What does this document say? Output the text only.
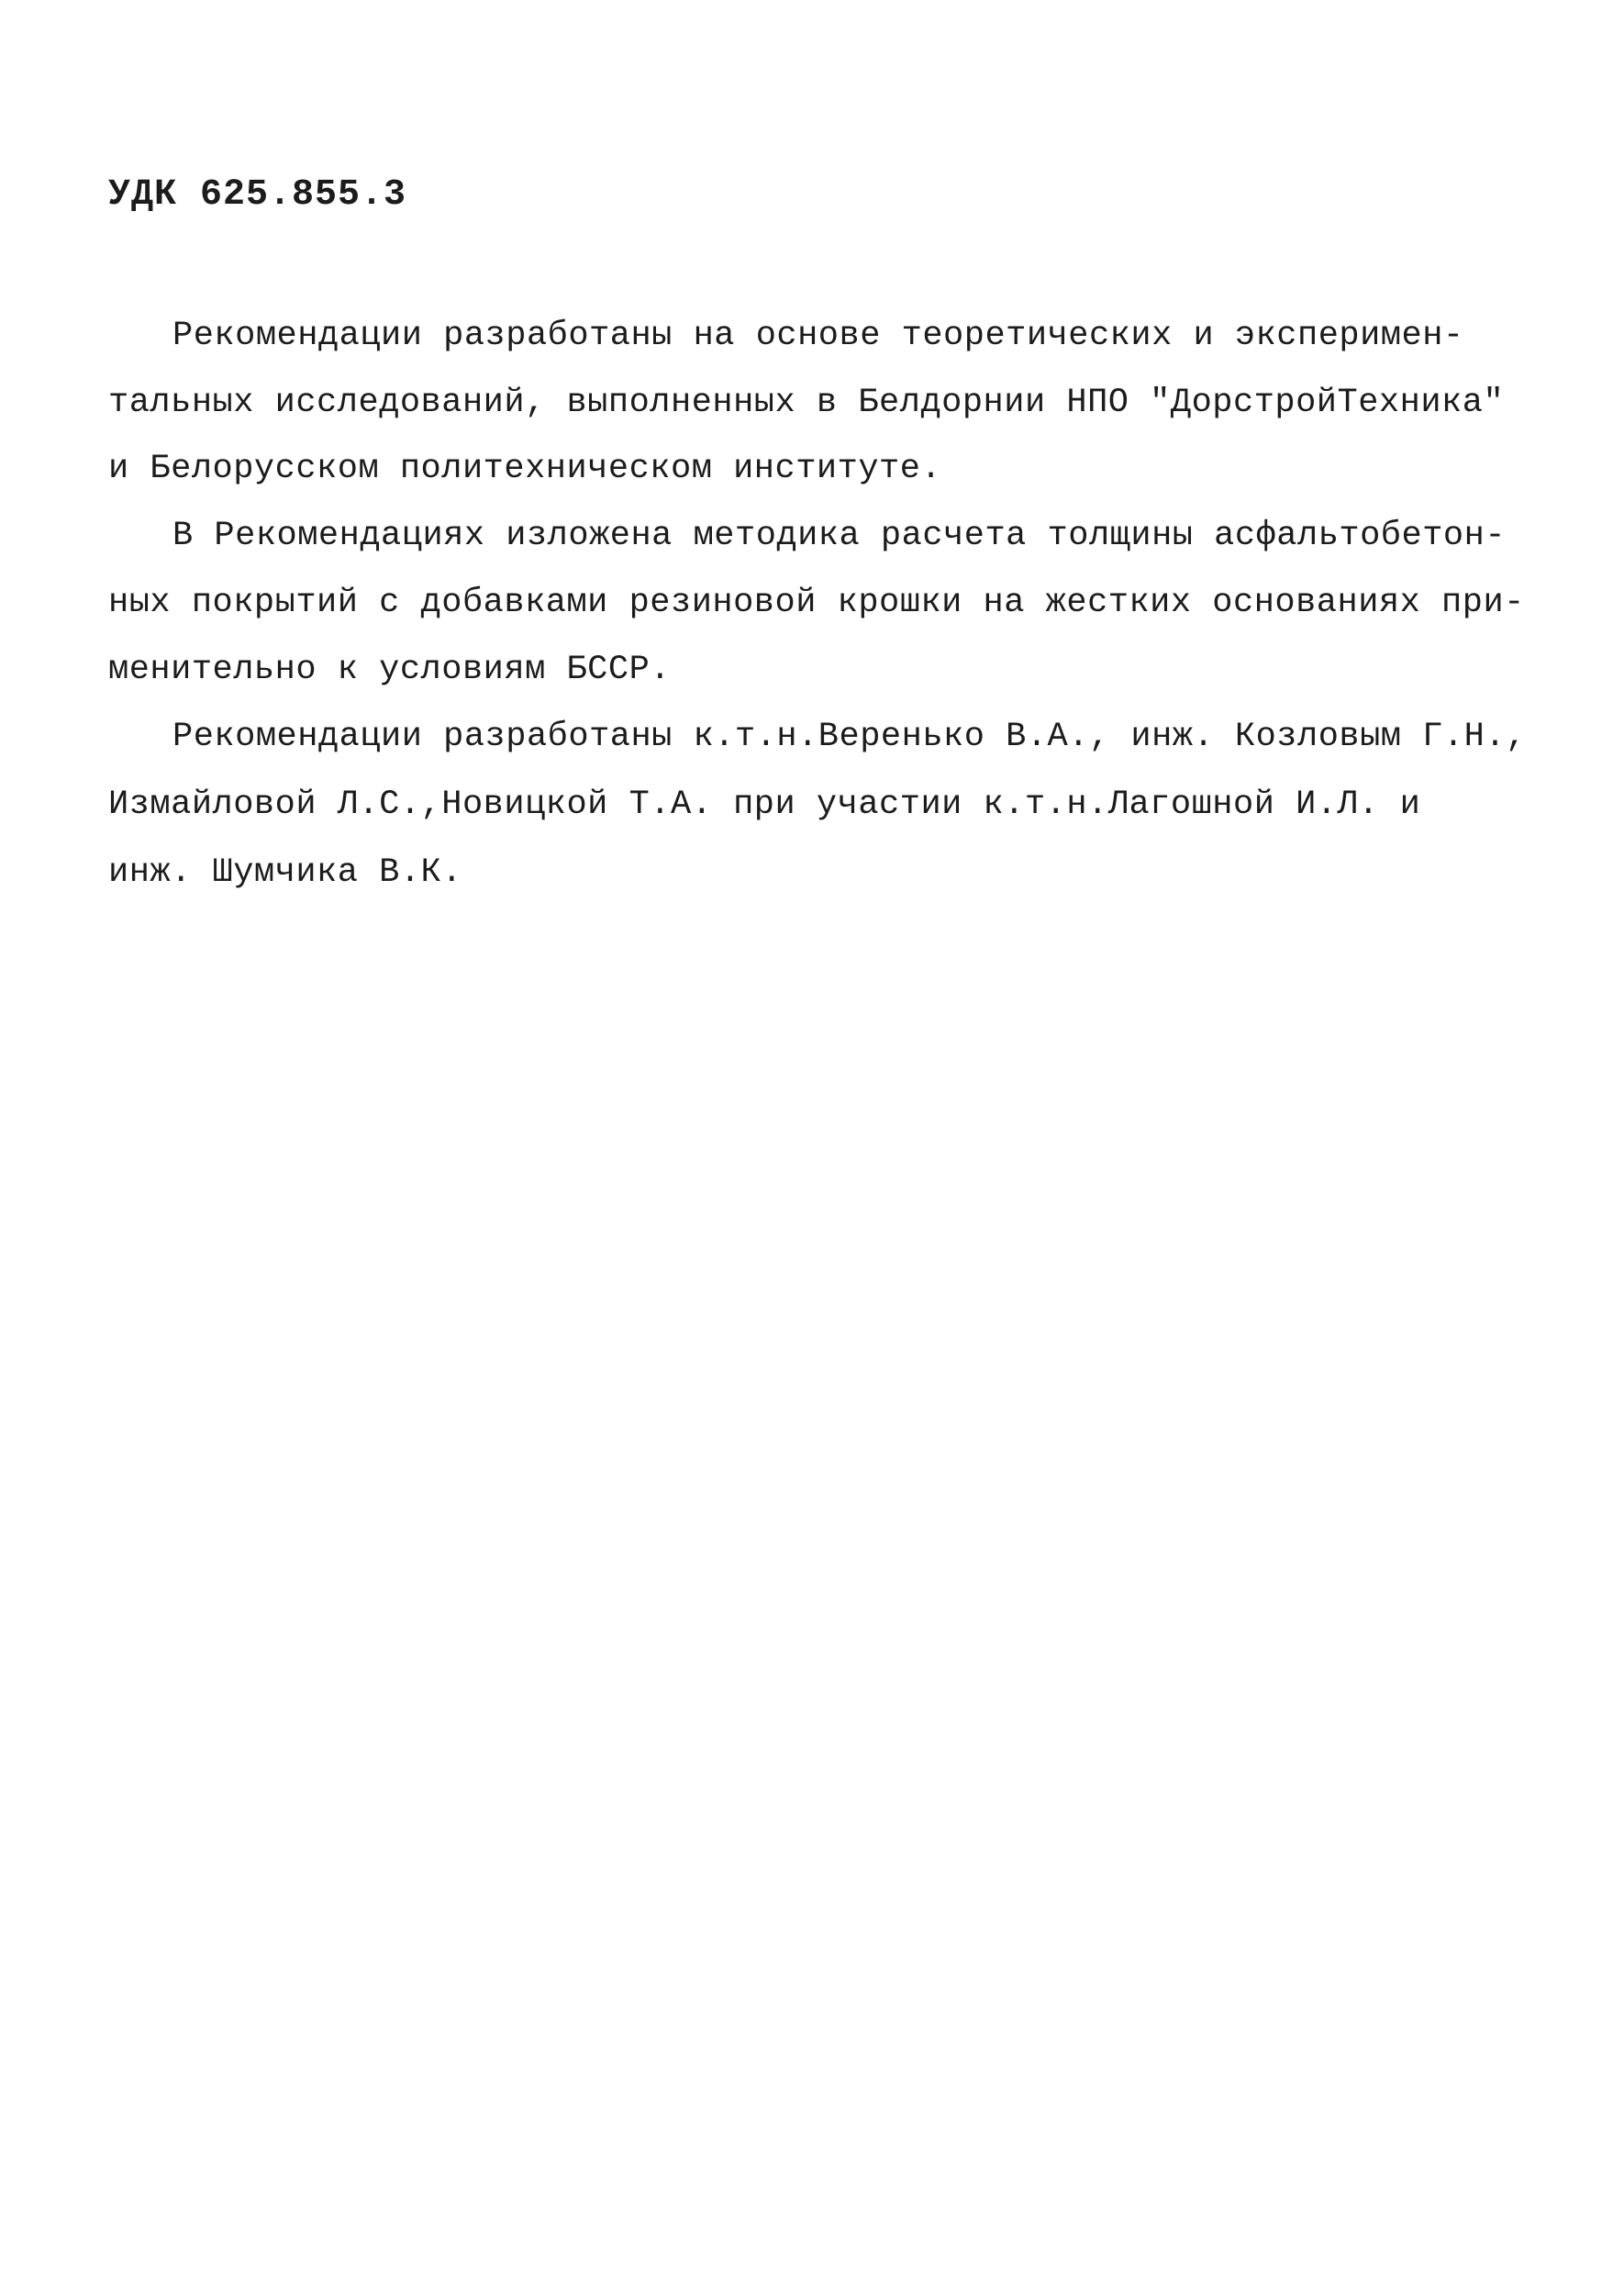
УДК 625.855.3
Рекомендации разработаны на основе теоретических и эксперимен-
тальных исследований, выполненных в Белдорнии НПО "ДорстройТехника"
и Белорусском политехническом институте.
В Рекомендациях изложена методика расчета толщины асфальтобетон-
ных покрытий с добавками резиновой крошки на жестких основаниях при-
менительно к условиям БССР.
Рекомендации разработаны к.т.н.Веренько В.А., инж. Козловым Г.Н.,
Измайловой Л.С.,Новицкой Т.А. при участии к.т.н.Лагошной И.Л. и
инж. Шумчика В.К.
